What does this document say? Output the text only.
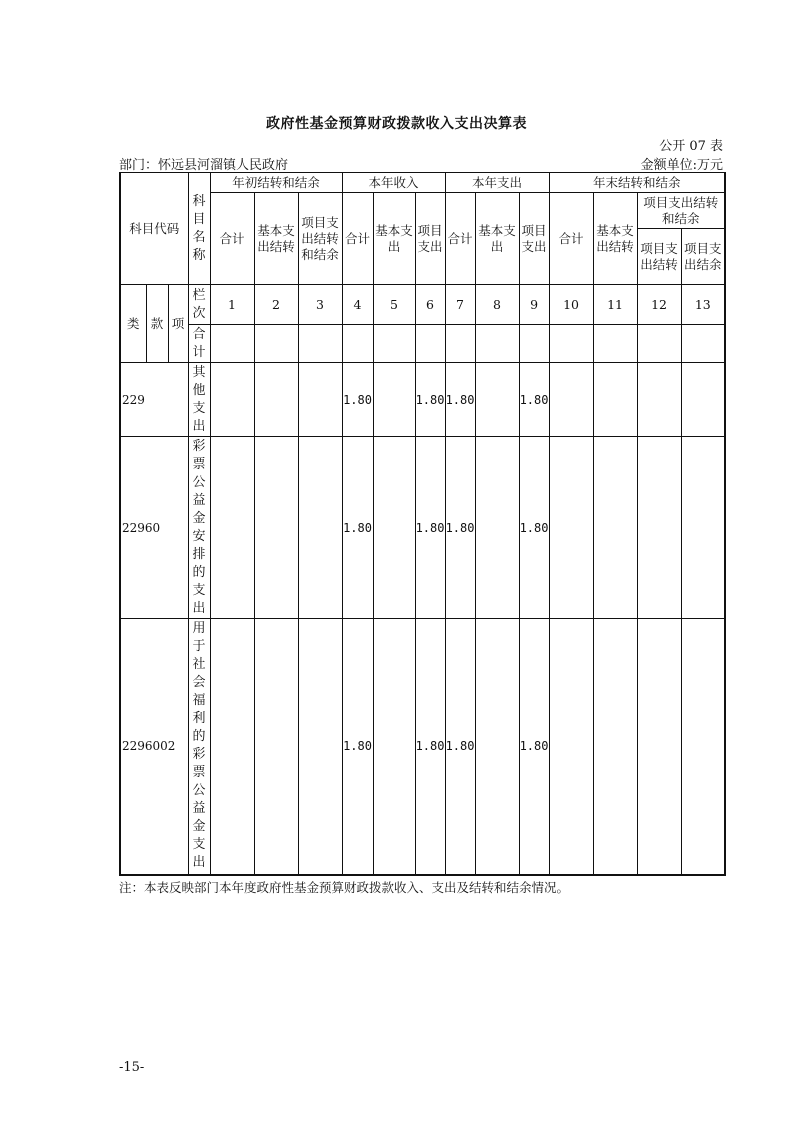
政府性基金预算财政拨款收入支出决算表
公开 07 表
部门：怀远县河溜镇人民政府	金额单位:万元
科目代码			科目名称	年初结转和结余			本年收入			本年支出			年末结转和结余			
				合计	基本支出结转	项目支出结转和结余	合计	基本支出	项目支出	合计	基本支出	项目支出	合计	基本支出结转	项目支出结转和结余	
															项目支出结转	项目支出结余

类	款	项	栏次	1	2	3	4	5	6	7	8	9	10	11	12	13

			合计													

229			其他支出				1.80		1.80	1.80		1.80				
22960			彩票公益金安排的支出				1.80		1.80	1.80		1.80				
2296002			用于社会福利的彩票公益金支出				1.80		1.80	1.80		1.80				
注：本表反映部门本年度政府性基金预算财政拨款收入、支出及结转和结余情况。
-15-
